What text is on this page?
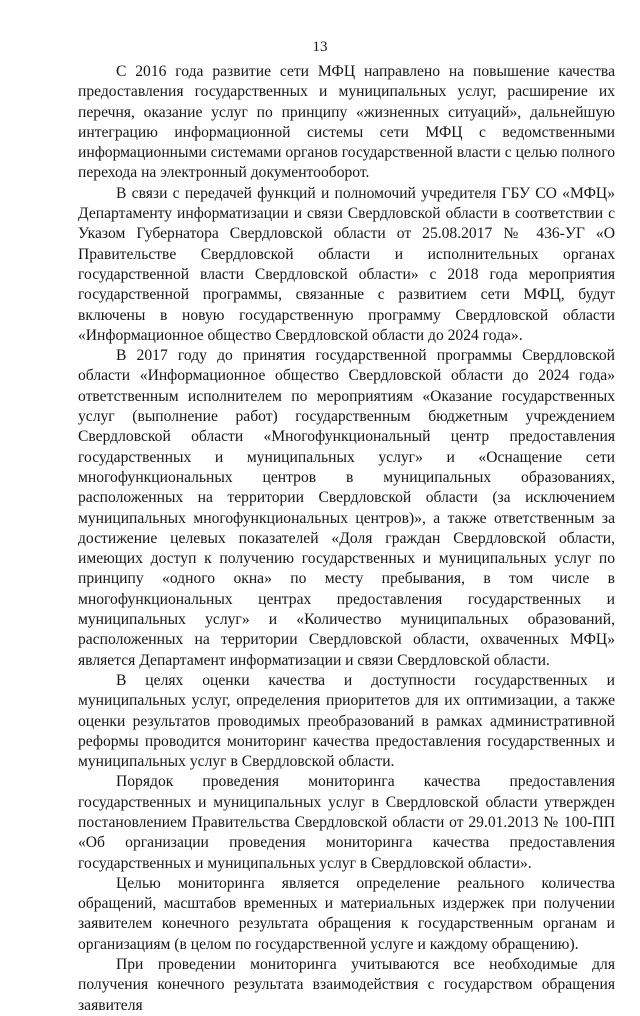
13

С 2016 года развитие сети МФЦ направлено на повышение качества предоставления государственных и муниципальных услуг, расширение их перечня, оказание услуг по принципу «жизненных ситуаций», дальнейшую интеграцию информационной системы сети МФЦ с ведомственными информационными системами органов государственной власти с целью полного перехода на электронный документооборот.

В связи с передачей функций и полномочий учредителя ГБУ СО «МФЦ» Департаменту информатизации и связи Свердловской области в соответствии с Указом Губернатора Свердловской области от 25.08.2017 № 436-УГ «О Правительстве Свердловской области и исполнительных органах государственной власти Свердловской области» с 2018 года мероприятия государственной программы, связанные с развитием сети МФЦ, будут включены в новую государственную программу Свердловской области «Информационное общество Свердловской области до 2024 года».

В 2017 году до принятия государственной программы Свердловской области «Информационное общество Свердловской области до 2024 года» ответственным исполнителем по мероприятиям «Оказание государственных услуг (выполнение работ) государственным бюджетным учреждением Свердловской области «Многофункциональный центр предоставления государственных и муниципальных услуг» и «Оснащение сети многофункциональных центров в муниципальных образованиях, расположенных на территории Свердловской области (за исключением муниципальных многофункциональных центров)», а также ответственным за достижение целевых показателей «Доля граждан Свердловской области, имеющих доступ к получению государственных и муниципальных услуг по принципу «одного окна» по месту пребывания, в том числе в многофункциональных центрах предоставления государственных и муниципальных услуг» и «Количество муниципальных образований, расположенных на территории Свердловской области, охваченных МФЦ» является Департамент информатизации и связи Свердловской области.

В целях оценки качества и доступности государственных и муниципальных услуг, определения приоритетов для их оптимизации, а также оценки результатов проводимых преобразований в рамках административной реформы проводится мониторинг качества предоставления государственных и муниципальных услуг в Свердловской области.

Порядок проведения мониторинга качества предоставления государственных и муниципальных услуг в Свердловской области утвержден постановлением Правительства Свердловской области от 29.01.2013 № 100-ПП «Об организации проведения мониторинга качества предоставления государственных и муниципальных услуг в Свердловской области».

Целью мониторинга является определение реального количества обращений, масштабов временных и материальных издержек при получении заявителем конечного результата обращения к государственным органам и организациям (в целом по государственной услуге и каждому обращению).

При проведении мониторинга учитываются все необходимые для получения конечного результата взаимодействия с государством обращения заявителя
